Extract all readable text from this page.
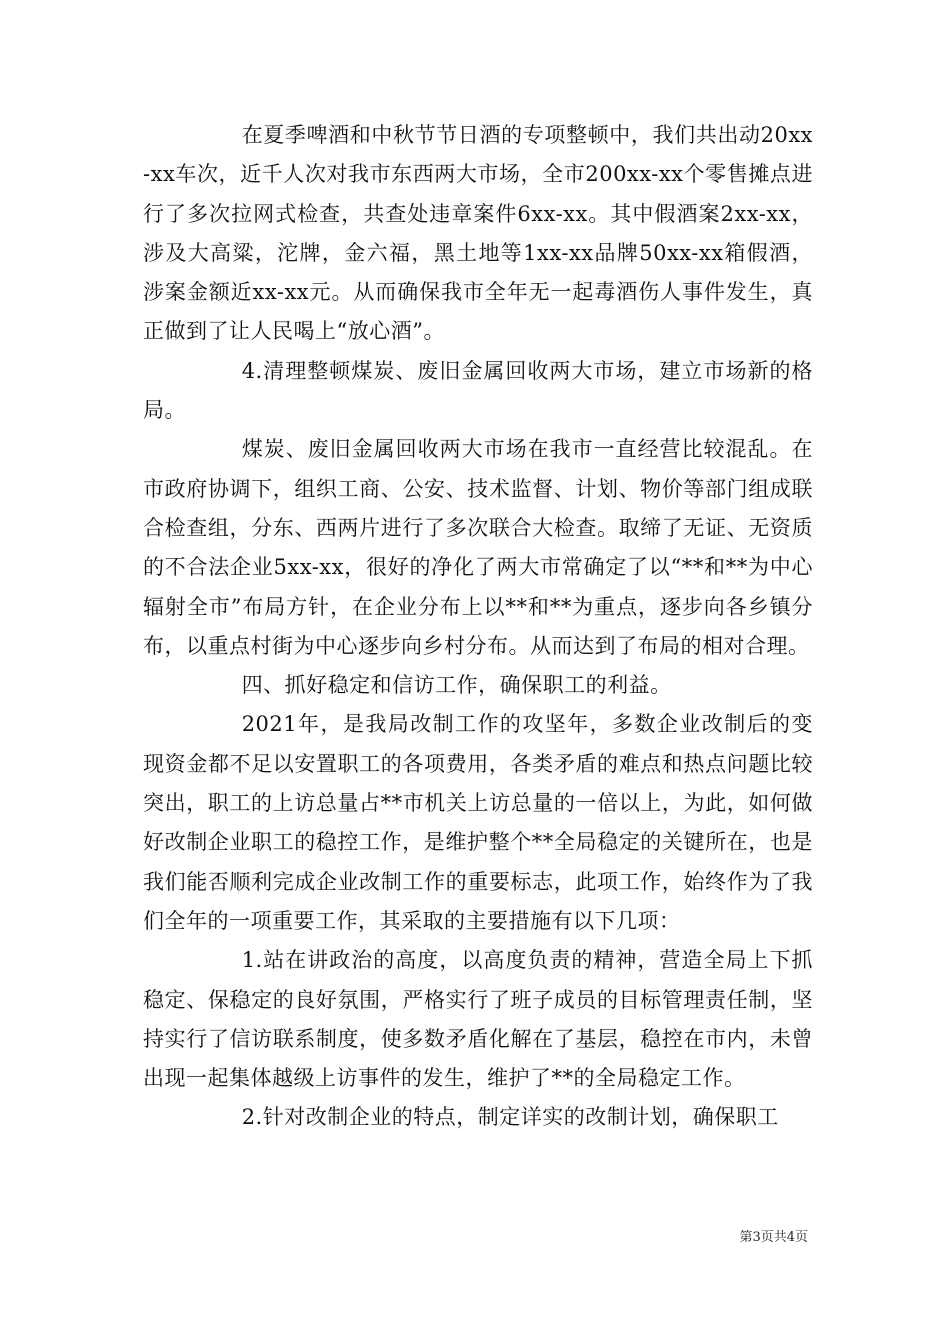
在夏季啤酒和中秋节节日酒的专项整顿中，我们共出动20xx-xx车次，近千人次对我市东西两大市场，全市200xx-xx个零售摊点进行了多次拉网式检查，共查处违章案件6xx-xx。其中假酒案2xx-xx，涉及大高粱，沱牌，金六福，黑土地等1xx-xx品牌50xx-xx箱假酒，涉案金额近xx-xx元。从而确保我市全年无一起毒酒伤人事件发生，真正做到了让人民喝上“放心酒”。

4.清理整顿煤炭、废旧金属回收两大市场，建立市场新的格局。

煤炭、废旧金属回收两大市场在我市一直经营比较混乱。在市政府协调下，组织工商、公安、技术监督、计划、物价等部门组成联合检查组，分东、西两片进行了多次联合大检查。取缔了无证、无资质的不合法企业5xx-xx，很好的净化了两大市常确定了以“**和**为中心辐射全市”布局方针，在企业分布上以**和**为重点，逐步向各乡镇分布，以重点村街为中心逐步向乡村分布。从而达到了布局的相对合理。

四、抓好稳定和信访工作，确保职工的利益。

2021年，是我局改制工作的攻坚年，多数企业改制后的变现资金都不足以安置职工的各项费用，各类矛盾的难点和热点问题比较突出，职工的上访总量占**市机关上访总量的一倍以上，为此，如何做好改制企业职工的稳控工作，是维护整个**全局稳定的关键所在，也是我们能否顺利完成企业改制工作的重要标志，此项工作，始终作为了我们全年的一项重要工作，其采取的主要措施有以下几项：

1.站在讲政治的高度，以高度负责的精神，营造全局上下抓稳定、保稳定的良好氛围，严格实行了班子成员的目标管理责任制，坚持实行了信访联系制度，使多数矛盾化解在了基层，稳控在市内，未曾出现一起集体越级上访事件的发生，维护了**的全局稳定工作。

2.针对改制企业的特点，制定详实的改制计划，确保职工

第3页共4页
